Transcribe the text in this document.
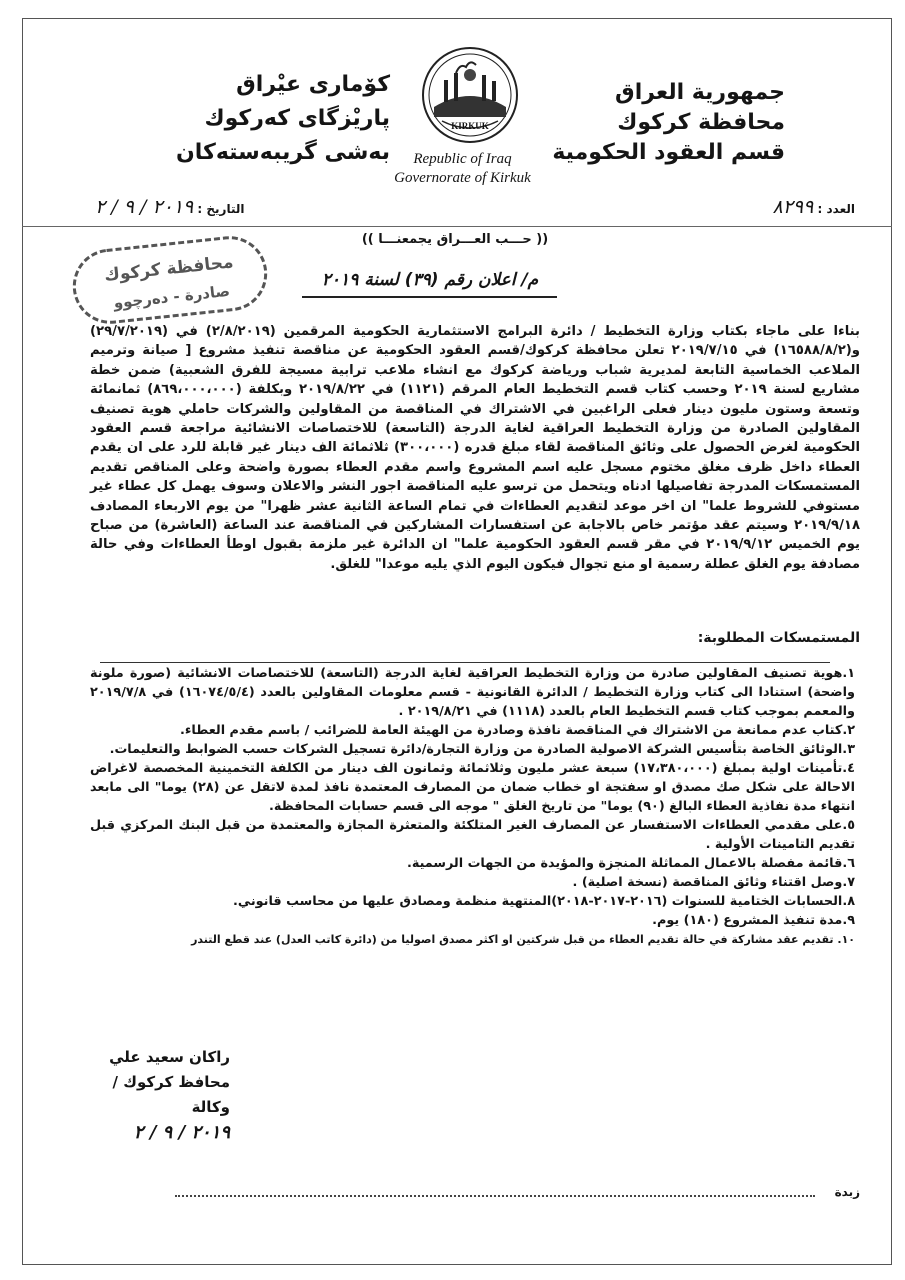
جمهورية العراق
محافظة كركوك
قسم العقود الحكومية
كۆمارى عيْراق
پاريْزگاى كەركوك
بەشى گريبەستەكان
KIRKUK
Republic of Iraq
Governorate of Kirkuk
التاريخ : ٢٠١٩ / ٩ / ٢	العدد : ٨٢٩٩
(( حـــب العـــراق يجمعنـــا ))
محافظة كركوك
صادرة - دەرچوو
م/ اعلان رقم (٣٩) لسنة ٢٠١٩
بناءا على ماجاء بكتاب وزارة التخطيط / دائرة البرامج الاستثمارية الحكومية المرقمين (٢/٨/٢٠١٩) في (٢٩/٧/٢٠١٩) و(١٦٥٨٨/٨/٢) في ٢٠١٩/٧/١٥ تعلن محافظة كركوك/قسم العقود الحكومية عن مناقصة تنفيذ مشروع [ صيانة وترميم الملاعب الخماسية التابعة لمديرية شباب ورياضة كركوك مع انشاء ملاعب ترابية مسيجة للفرق الشعبية) ضمن خطة مشاريع لسنة ٢٠١٩ وحسب كتاب قسم التخطيط العام المرقم (١١٢١) في ٢٠١٩/٨/٢٢ وبكلفة (٨٦٩،٠٠٠،٠٠٠) ثمانمائة وتسعة وستون مليون دينار فعلى الراغبين في الاشتراك في المناقصة من المقاولين والشركات حاملي هوية تصنيف المقاولين الصادرة من وزارة التخطيط العراقية لغاية الدرجة (التاسعة) للاختصاصات الانشائية مراجعة قسم العقود الحكومية لغرض الحصول على وثائق المناقصة لقاء مبلغ قدره (٣٠٠،٠٠٠) ثلاثمائة الف دينار غير قابلة للرد على ان يقدم العطاء داخل ظرف مغلق مختوم مسجل عليه اسم المشروع واسم مقدم العطاء بصورة واضحة وعلى المناقص تقديم المستمسكات المدرجة تفاصيلها ادناه ويتحمل من ترسو عليه المناقصة اجور النشر والاعلان وسوف يهمل كل عطاء غير مستوفي للشروط علما" ان اخر موعد لتقديم العطاءات في تمام الساعة الثانية عشر ظهرا" من يوم الاربعاء المصادف ٢٠١٩/٩/١٨ وسيتم عقد مؤتمر خاص بالاجابة عن استفسارات المشاركين في المناقصة عند الساعة (العاشرة) من صباح يوم الخميس ٢٠١٩/٩/١٢ في مقر قسم العقود الحكومية علما" ان الدائرة غير ملزمة بقبول اوطأ العطاءات وفي حالة مصادفة يوم الغلق عطلة رسمية او منع تجوال فيكون اليوم الذي يليه موعدا" للغلق.
المستمسكات المطلوبة:
١.هوية تصنيف المقاولين صادرة من وزارة التخطيط العراقية لغاية الدرجة (التاسعة) للاختصاصات الانشائية (صورة ملونة واضحة) استنادا الى كتاب وزارة التخطيط / الدائرة القانونية - قسم معلومات المقاولين بالعدد (١٦٠٧٤/٥/٤) في ٢٠١٩/٧/٨ والمعمم بموجب كتاب قسم التخطيط العام بالعدد (١١١٨) في ٢٠١٩/٨/٢١ .
٢.كتاب عدم ممانعة من الاشتراك في المناقصة نافذة وصادرة من الهيئة العامة للضرائب / باسم مقدم العطاء.
٣.الوثائق الخاصة بتأسيس الشركة الاصولية الصادرة من وزارة التجارة/دائرة تسجيل الشركات حسب الضوابط والتعليمات.
٤.تأمينات اولية بمبلغ (١٧،٣٨٠،٠٠٠) سبعة عشر مليون وثلاثمائة وثمانون الف دينار من الكلفة التخمينية المخصصة لاغراض الاحالة على شكل صك مصدق او سفتجة او خطاب ضمان من المصارف المعتمدة نافذ لمدة لاتقل عن (٢٨) يوما" الى مابعد انتهاء مدة نفاذية العطاء البالغ (٩٠) يوما" من تاريخ الغلق " موجه الى قسم حسابات المحافظة.
٥.على مقدمي العطاءات الاستفسار عن المصارف الغير المتلكئة والمتعثرة المجازة والمعتمدة من قبل البنك المركزي قبل تقديم التامينات الأولية .
٦.قائمة مفصلة بالاعمال المماثلة المنجزة والمؤيدة من الجهات الرسمية.
٧.وصل اقتناء وثائق المناقصة (نسخة اصلية) .
٨.الحسابات الختامية للسنوات (٢٠١٦-٢٠١٧-٢٠١٨)المنتهية منظمة ومصادق عليها من محاسب قانوني.
٩.مدة تنفيذ المشروع (١٨٠) يوم.
١٠. تقديم عقد مشاركة في حالة تقديم العطاء من قبل شركتين او اكثر مصدق اصوليا من (دائرة كاتب العدل) عند قطع التندر
راكان سعيد علي
محافظ كركوك / وكالة
٢٠١٩ / ٩ / ٢
زبدة
